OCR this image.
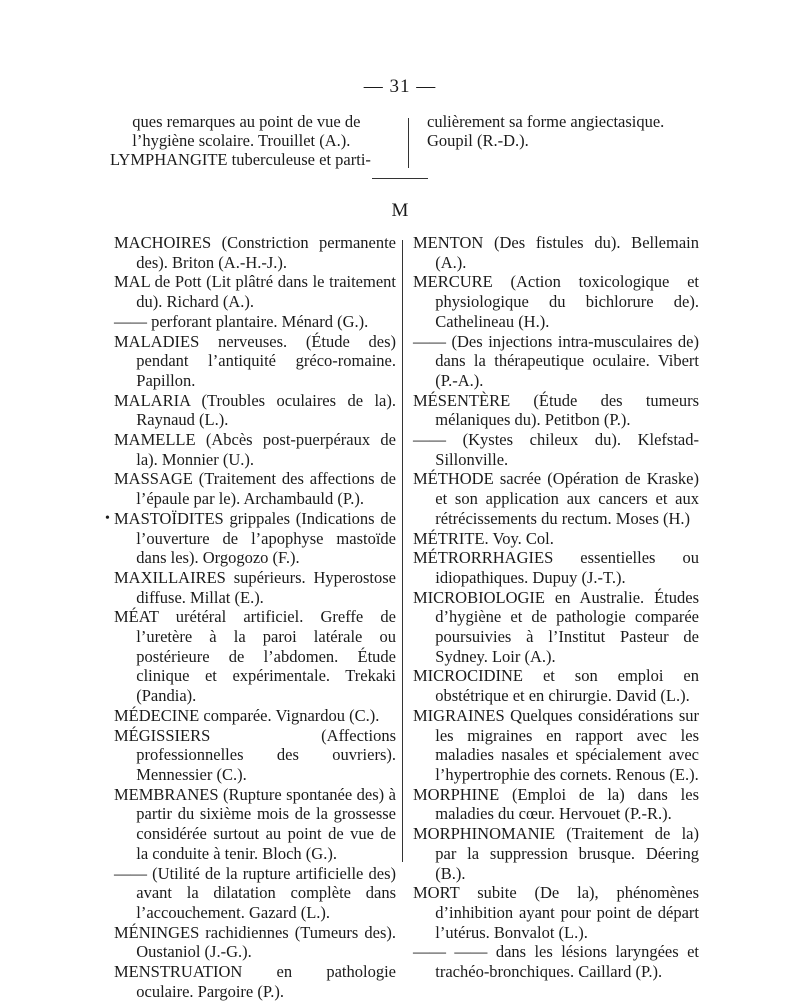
— 31 —
ques remarques au point de vue de
l’hygiène scolaire. Trouillet (A.).
LYMPHANGITE tuberculeuse et parti-
culièrement sa forme angiectasique.
Goupil (R.-D.).
M
MACHOIRES (Constriction permanente des). Briton (A.-H.-J.).
MAL de Pott (Lit plâtré dans le traitement du). Richard (A.).
—— perforant plantaire. Ménard (G.).
MALADIES nerveuses. (Étude des) pendant l’antiquité gréco-romaine. Papillon.
MALARIA (Troubles oculaires de la). Raynaud (L.).
MAMELLE (Abcès post-puerpéraux de la). Monnier (U.).
MASSAGE (Traitement des affections de l’épaule par le). Archambauld (P.).
• MASTOÏDITES grippales (Indications de l’ouverture de l’apophyse mastoïde dans les). Orgogozo (F.).
MAXILLAIRES supérieurs. Hyperostose diffuse. Millat (E.).
MÉAT urétéral artificiel. Greffe de l’uretère à la paroi latérale ou postérieure de l’abdomen. Étude clinique et expérimentale. Trekaki (Pandia).
MÉDECINE comparée. Vignardou (C.).
MÉGISSIERS (Affections professionnelles des ouvriers). Mennessier (C.).
MEMBRANES (Rupture spontanée des) à partir du sixième mois de la grossesse considérée surtout au point de vue de la conduite à tenir. Bloch (G.).
—— (Utilité de la rupture artificielle des) avant la dilatation complète dans l’accouchement. Gazard (L.).
MÉNINGES rachidiennes (Tumeurs des). Oustaniol (J.-G.).
MENSTRUATION en pathologie oculaire. Pargoire (P.).
MENTON (Des fistules du). Bellemain (A.).
MERCURE (Action toxicologique et physiologique du bichlorure de). Cathelineau (H.).
—— (Des injections intra-musculaires de) dans la thérapeutique oculaire. Vibert (P.-A.).
MÉSENTÈRE (Étude des tumeurs mélaniques du). Petitbon (P.).
—— (Kystes chileux du). Klefstad-Sillonville.
MÉTHODE sacrée (Opération de Kraske) et son application aux cancers et aux rétrécissements du rectum. Moses (H.)
MÉTRITE. Voy. Col.
MÉTRORRHAGIES essentielles ou idiopathiques. Dupuy (J.-T.).
MICROBIOLOGIE en Australie. Études d’hygiène et de pathologie comparée poursuivies à l’Institut Pasteur de Sydney. Loir (A.).
MICROCIDINE et son emploi en obstétrique et en chirurgie. David (L.).
MIGRAINES Quelques considérations sur les migraines en rapport avec les maladies nasales et spécialement avec l’hypertrophie des cornets. Renous (E.).
MORPHINE (Emploi de la) dans les maladies du cœur. Hervouet (P.-R.).
MORPHINOMANIE (Traitement de la) par la suppression brusque. Déering (B.).
MORT subite (De la), phénomènes d’inhibition ayant pour point de départ l’utérus. Bonvalot (L.).
—— —— dans les lésions laryngées et trachéo-bronchiques. Caillard (P.).
